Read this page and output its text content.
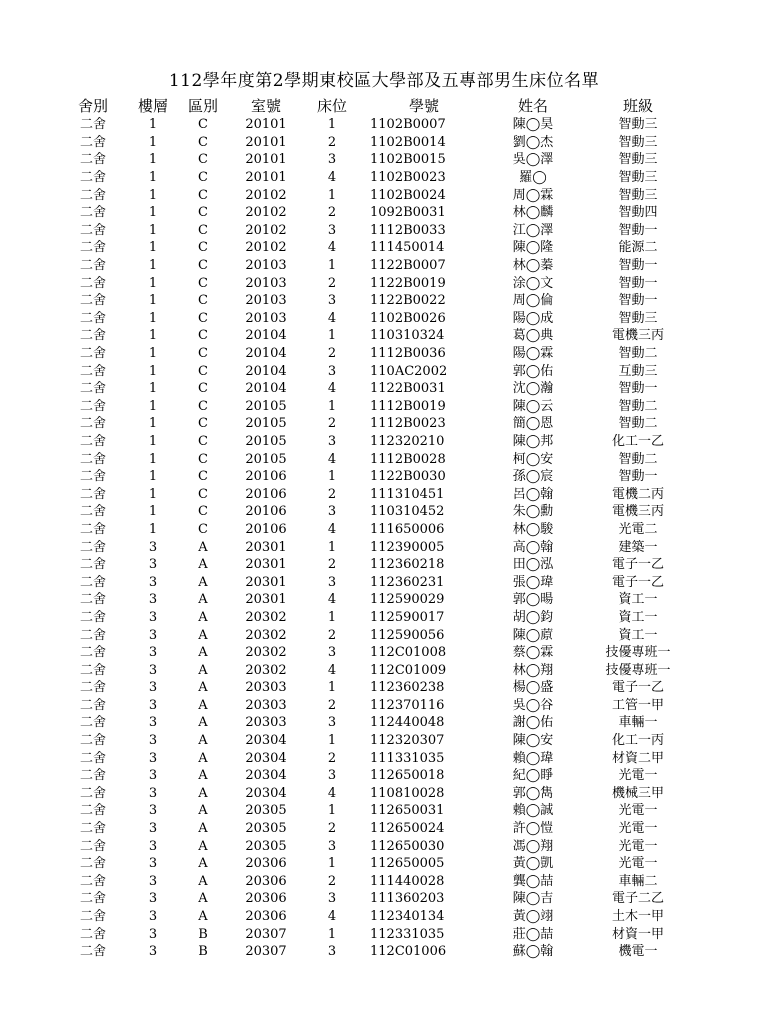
112學年度第2學期東校區大學部及五專部男生床位名單
舍別	樓層	區別	室號	床位	學號	姓名	班級
二舍	1	C	20101	1	1102B0007	陳◯昊	智動三
二舍	1	C	20101	2	1102B0014	劉◯杰	智動三
二舍	1	C	20101	3	1102B0015	吳◯澤	智動三
二舍	1	C	20101	4	1102B0023	羅◯	智動三
二舍	1	C	20102	1	1102B0024	周◯霖	智動三
二舍	1	C	20102	2	1092B0031	林◯麟	智動四
二舍	1	C	20102	3	1112B0033	江◯澤	智動一
二舍	1	C	20102	4	111450014	陳◯隆	能源二
二舍	1	C	20103	1	1122B0007	林◯蓁	智動一
二舍	1	C	20103	2	1122B0019	涂◯文	智動一
二舍	1	C	20103	3	1122B0022	周◯倫	智動一
二舍	1	C	20103	4	1102B0026	陽◯成	智動三
二舍	1	C	20104	1	110310324	葛◯典	電機三丙
二舍	1	C	20104	2	1112B0036	陽◯霖	智動二
二舍	1	C	20104	3	110AC2002	郭◯佑	互動三
二舍	1	C	20104	4	1122B0031	沈◯瀚	智動一
二舍	1	C	20105	1	1112B0019	陳◯云	智動二
二舍	1	C	20105	2	1112B0023	簡◯恩	智動二
二舍	1	C	20105	3	112320210	陳◯邦	化工一乙
二舍	1	C	20105	4	1112B0028	柯◯安	智動二
二舍	1	C	20106	1	1122B0030	孫◯宸	智動一
二舍	1	C	20106	2	111310451	呂◯翰	電機二丙
二舍	1	C	20106	3	110310452	朱◯勳	電機三丙
二舍	1	C	20106	4	111650006	林◯駿	光電二
二舍	3	A	20301	1	112390005	高◯翰	建築一
二舍	3	A	20301	2	112360218	田◯泓	電子一乙
二舍	3	A	20301	3	112360231	張◯瑋	電子一乙
二舍	3	A	20301	4	112590029	郭◯暘	資工一
二舍	3	A	20302	1	112590017	胡◯鈞	資工一
二舍	3	A	20302	2	112590056	陳◯蒝	資工一
二舍	3	A	20302	3	112C01008	蔡◯霖	技優專班一
二舍	3	A	20302	4	112C01009	林◯翔	技優專班一
二舍	3	A	20303	1	112360238	楊◯盛	電子一乙
二舍	3	A	20303	2	112370116	吳◯谷	工管一甲
二舍	3	A	20303	3	112440048	謝◯佑	車輛一
二舍	3	A	20304	1	112320307	陳◯安	化工一丙
二舍	3	A	20304	2	111331035	賴◯瑋	材資二甲
二舍	3	A	20304	3	112650018	紀◯睜	光電一
二舍	3	A	20304	4	110810028	郭◯雋	機械三甲
二舍	3	A	20305	1	112650031	賴◯誠	光電一
二舍	3	A	20305	2	112650024	許◯愷	光電一
二舍	3	A	20305	3	112650030	馮◯翔	光電一
二舍	3	A	20306	1	112650005	黃◯凱	光電一
二舍	3	A	20306	2	111440028	龔◯喆	車輛二
二舍	3	A	20306	3	111360203	陳◯吉	電子二乙
二舍	3	A	20306	4	112340134	黃◯翊	土木一甲
二舍	3	B	20307	1	112331035	莊◯喆	材資一甲
二舍	3	B	20307	3	112C01006	蘇◯翰	機電一
